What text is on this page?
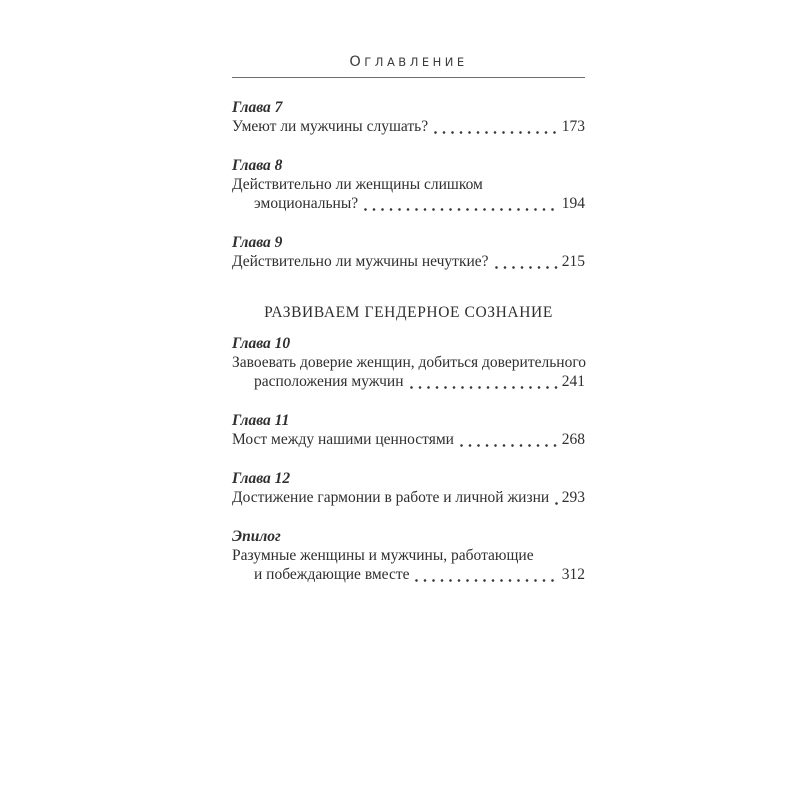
ОГЛАВЛЕНИЕ
Глава 7
Умеют ли мужчины слушать?	173
Глава 8
Действительно ли женщины слишком
эмоциональны?	194
Глава 9
Действительно ли мужчины нечуткие?	215
РАЗВИВАЕМ ГЕНДЕРНОЕ СОЗНАНИЕ
Глава 10
Завоевать доверие женщин, добиться доверительного
расположения мужчин	241
Глава 11
Мост между нашими ценностями	268
Глава 12
Достижение гармонии в работе и личной жизни 293
Эпилог
Разумные женщины и мужчины, работающие
и побеждающие вместе	312
